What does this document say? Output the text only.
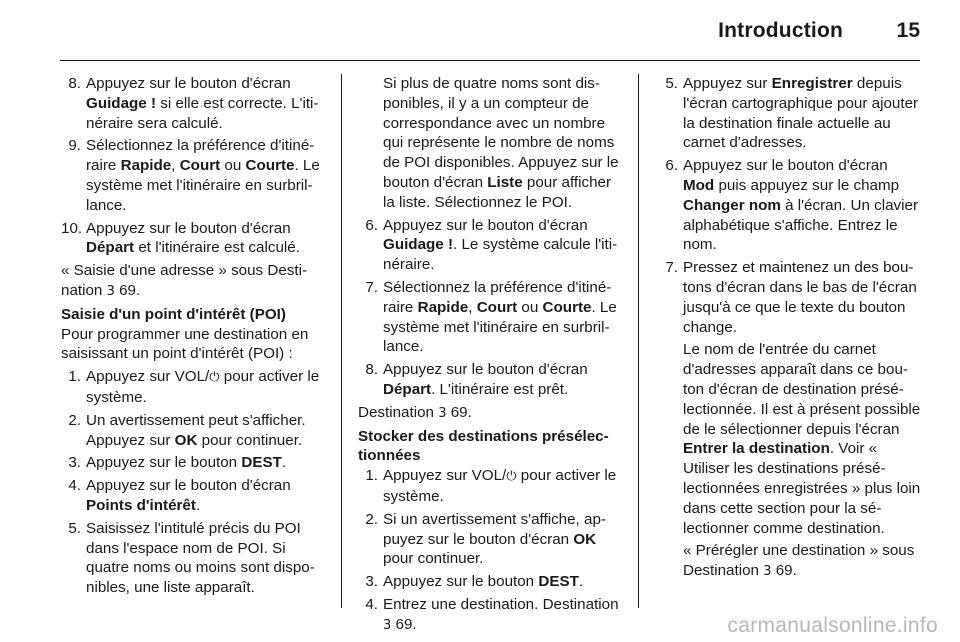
Introduction	15
8. Appuyez sur le bouton d'écran Guidage ! si elle est correcte. L'itinéraire sera calculé.
9. Sélectionnez la préférence d'itinéraire Rapide, Court ou Courte. Le système met l'itinéraire en surbrillance.
10. Appuyez sur le bouton d'écran Départ et l'itinéraire est calculé.
« Saisie d'une adresse » sous Destination 3 69.
Saisie d'un point d'intérêt (POI)
Pour programmer une destination en saisissant un point d'intérêt (POI) :
1. Appuyez sur VOL/⏻ pour activer le système.
2. Un avertissement peut s'afficher. Appuyez sur OK pour continuer.
3. Appuyez sur le bouton DEST.
4. Appuyez sur le bouton d'écran Points d'intérêt.
5. Saisissez l'intitulé précis du POI dans l'espace nom de POI. Si quatre noms ou moins sont disponibles, une liste apparaît.
Si plus de quatre noms sont disponibles, il y a un compteur de correspondance avec un nombre qui représente le nombre de noms de POI disponibles. Appuyez sur le bouton d'écran Liste pour afficher la liste. Sélectionnez le POI.
6. Appuyez sur le bouton d'écran Guidage !. Le système calcule l'itinéraire.
7. Sélectionnez la préférence d'itinéraire Rapide, Court ou Courte. Le système met l'itinéraire en surbrillance.
8. Appuyez sur le bouton d'écran Départ. L'itinéraire est prêt.
Destination 3 69.
Stocker des destinations présélectionnées
1. Appuyez sur VOL/⏻ pour activer le système.
2. Si un avertissement s'affiche, appuyez sur le bouton d'écran OK pour continuer.
3. Appuyez sur le bouton DEST.
4. Entrez une destination. Destination 3 69.
5. Appuyez sur Enregistrer depuis l'écran cartographique pour ajouter la destination finale actuelle au carnet d'adresses.
6. Appuyez sur le bouton d'écran Mod puis appuyez sur le champ Changer nom à l'écran. Un clavier alphabétique s'affiche. Entrez le nom.
7. Pressez et maintenez un des boutons d'écran dans le bas de l'écran jusqu'à ce que le texte du bouton change.
Le nom de l'entrée du carnet d'adresses apparaît dans ce bouton d'écran de destination présélectionnée. Il est à présent possible de le sélectionner depuis l'écran Entrer la destination. Voir « Utiliser les destinations présélectionnées enregistrées » plus loin dans cette section pour la sélectionner comme destination.
« Prérégler une destination » sous Destination 3 69.
carmanualsonline.info
